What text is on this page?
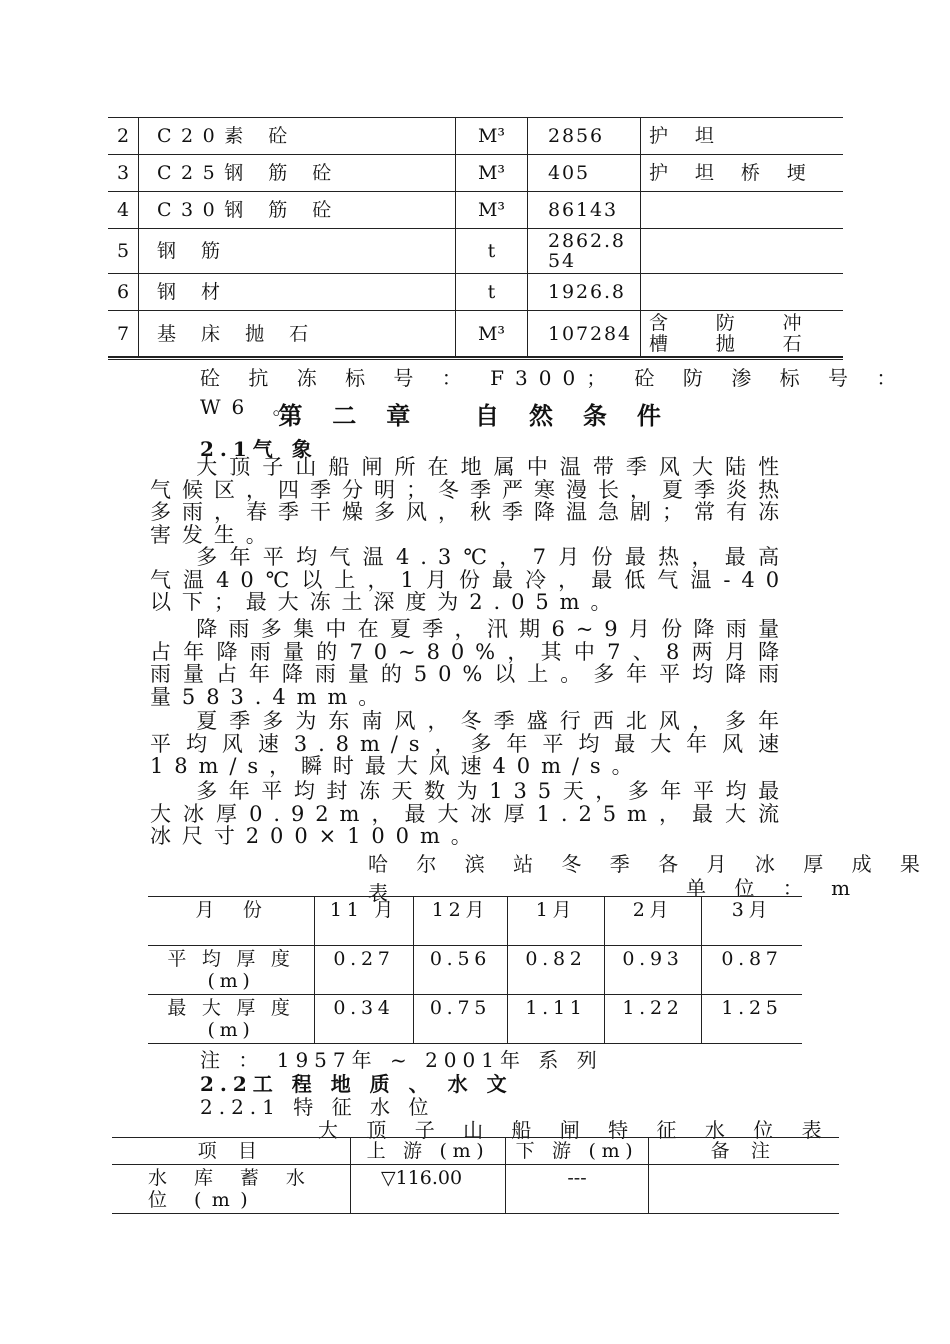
2	C20素 砼	M³	2856	护 坦
3	C25钢 筋 砼	M³	405	护 坦 桥 埂
4	C30钢 筋 砼	M³	86143	
5	钢 筋	t	2862.854	
6	钢 材	t	1926.8	
7	基 床 抛 石	M³	107284	含 防 冲 槽 抛 石
砼 抗 冻 标 号 ： F300； 砼 防 渗 标 号 ： W6 。
第 二 章　 自 然 条 件
2.1气 象
大顶子山船闸所在地属中温带季风大陆性气候区，四季分明；冬季严寒漫长，夏季炎热多雨，春季干燥多风，秋季降温急剧；常有冻害发生。
多年平均气温4.3℃，7月份最热，最高气温40℃以上，1月份最冷，最低气温-40以下；最大冻土深度为2.05m。
降雨多集中在夏季，汛期6~9月份降雨量占年降雨量的70~80%，其中7、8两月降雨量占年降雨量的50%以上。多年平均降雨量583.4mm。
夏季多为东南风，冬季盛行西北风，多年平均风速3.8m/s，多年平均最大年风速18m/s，瞬时最大风速40m/s。
多年平均封冻天数为135天，多年平均最大冰厚0.92m，最大冰厚1.25m，最大流冰尺寸200×100m。
哈 尔 滨 站 冬 季 各 月 冰 厚 成 果 表	单 位 ： m
月　份	11 月	12月	1月	2月	3月
平 均 厚 度 (m)	0.27	0.56	0.82	0.93	0.87
最 大 厚 度 (m)	0.34	0.75	1.11	1.22	1.25
注 ： 1957年 ~ 2001年 系 列
2.2工 程 地 质 、 水 文
2.2.1 特 征 水 位
大 顶 子 山 船 闸 特 征 水 位 表
项 目	上 游 (m)	下 游 (m)	备 注
水 库 蓄 水 位 (m)	▽116.00	---	
